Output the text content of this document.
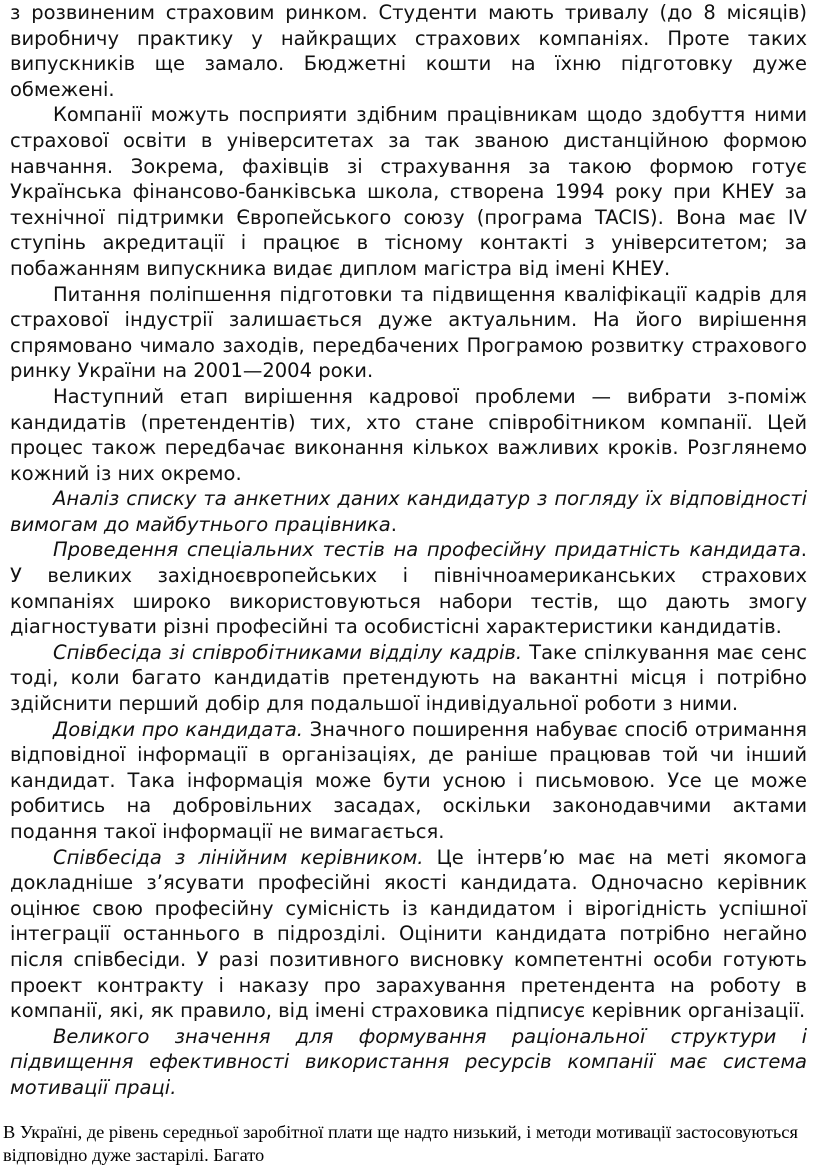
з розвиненим страховим ринком. Студенти мають тривалу (до 8 місяців) виробничу практику у найкращих страхових компаніях. Проте таких випускників ще замало. Бюджетні кошти на їхню підготовку дуже обмежені.

Компанії можуть посприяти здібним працівникам щодо здобуття ними страхової освіти в університетах за так званою дистанційною формою навчання. Зокрема, фахівців зі страхування за такою формою готує Українська фінансово-банківська школа, створена 1994 року при КНЕУ за технічної підтримки Європейського союзу (програма TACIS). Вона має IV ступінь акредитації і працює в тісному контакті з університетом; за побажанням випускника видає диплом магістра від імені КНЕУ.

Питання поліпшення підготовки та підвищення кваліфікації кадрів для страхової індустрії залишається дуже актуальним. На його вирішення спрямовано чимало заходів, передбачених Програмою розвитку страхового ринку України на 2001—2004 роки.

Наступний етап вирішення кадрової проблеми — вибрати з-поміж кандидатів (претендентів) тих, хто стане співробітником компанії. Цей процес також передбачає виконання кількох важливих кроків. Розглянемо кожний із них окремо.

Аналіз списку та анкетних даних кандидатур з погляду їх відповідності вимогам до майбутнього працівника.

Проведення спеціальних тестів на професійну придатність кандидата. У великих західноєвропейських і північноамериканських страхових компаніях широко використовуються набори тестів, що дають змогу діагностувати різні професійні та особистісні характеристики кандидатів.

Співбесіда зі співробітниками відділу кадрів. Таке спілкування має сенс тоді, коли багато кандидатів претендують на вакантні місця і потрібно здійснити перший добір для подальшої індивідуальної роботи з ними.

Довідки про кандидата. Значного поширення набуває спосіб отримання відповідної інформації в організаціях, де раніше працював той чи інший кандидат. Така інформація може бути усною і письмовою. Усе це може робитись на добровільних засадах, оскільки законодавчими актами подання такої інформації не вимагається.

Співбесіда з лінійним керівником. Це інтерв’ю має на меті якомога докладніше з’ясувати професійні якості кандидата. Одночасно керівник оцінює свою професійну сумісність із кандидатом і вірогідність успішної інтеграції останнього в підрозділі. Оцінити кандидата потрібно негайно після співбесіди. У разі позитивного висновку компетентні особи готують проект контракту і наказу про зарахування претендента на роботу в компанії, які, як правило, від імені страховика підписує керівник організації.

Великого значення для формування раціональної структури і підвищення ефективності використання ресурсів компанії має система мотивації праці.

В Україні, де рівень середньої заробітної плати ще надто низький, і методи мотивації застосовуються відповідно дуже застарілі. Багато
